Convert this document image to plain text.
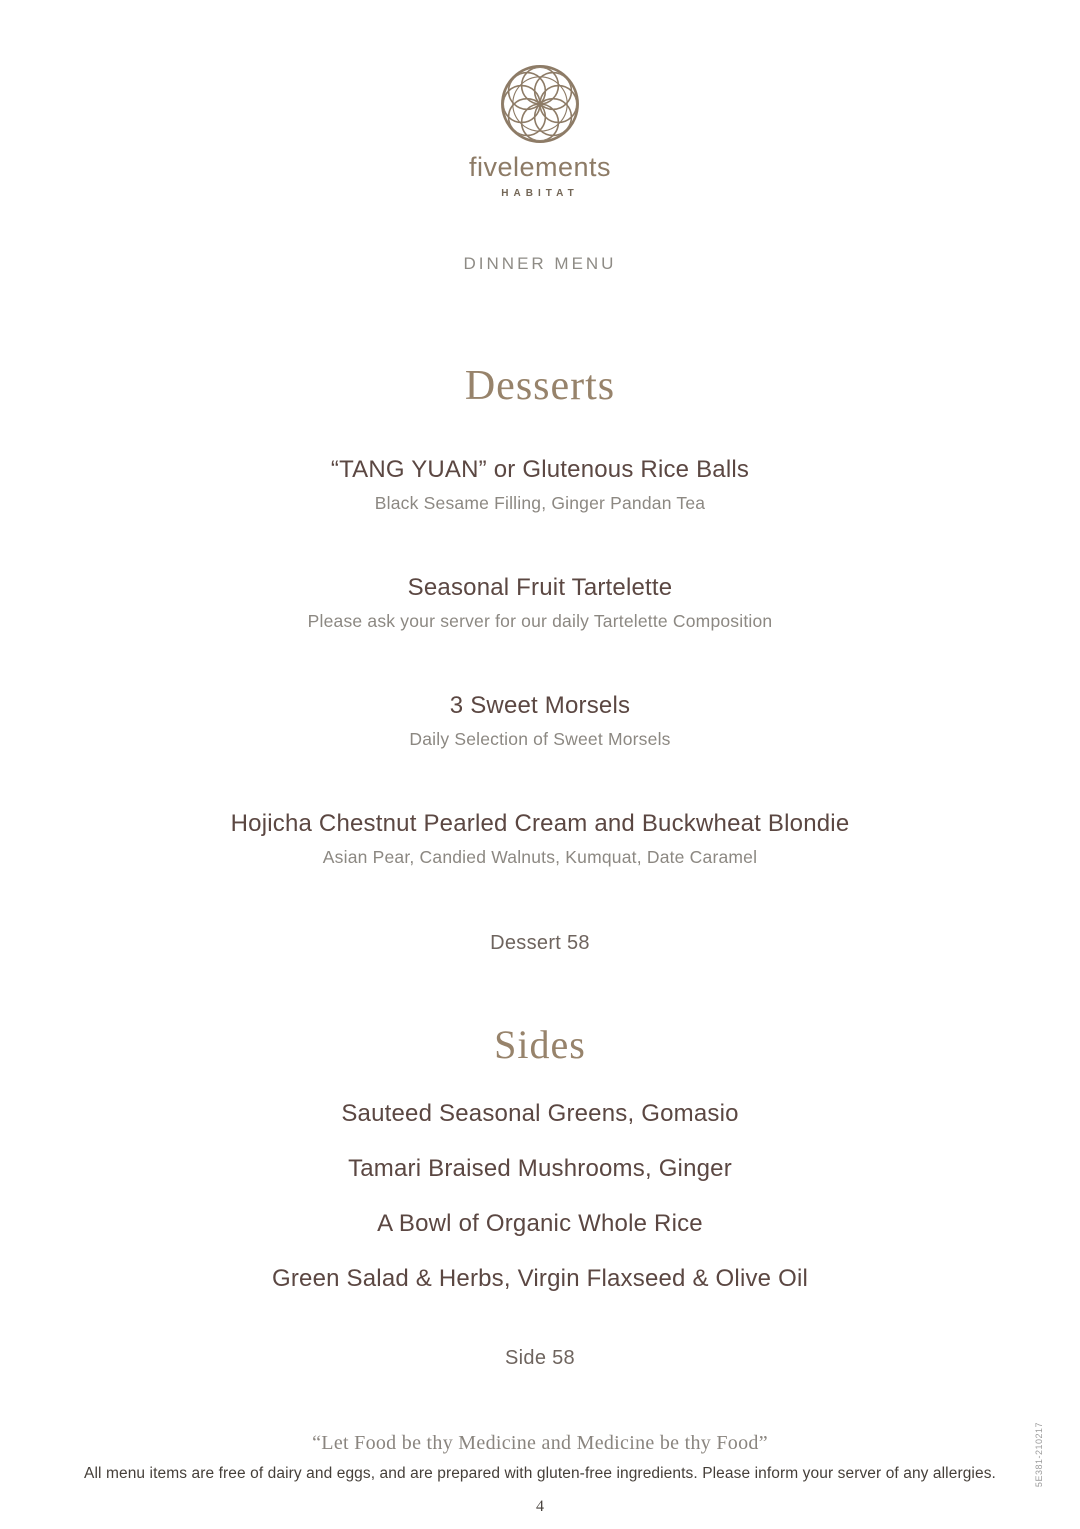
fivelements
HABITAT
DINNER MENU
Desserts
“TANG YUAN” or Glutenous Rice Balls
Black Sesame Filling, Ginger Pandan Tea
Seasonal Fruit Tartelette
Please ask your server for our daily Tartelette Composition
3 Sweet Morsels
Daily Selection of Sweet Morsels
Hojicha Chestnut Pearled Cream and Buckwheat Blondie
Asian Pear, Candied Walnuts, Kumquat, Date Caramel
Dessert 58
Sides
Sauteed Seasonal Greens, Gomasio
Tamari Braised Mushrooms, Ginger
A Bowl of Organic Whole Rice
Green Salad & Herbs, Virgin Flaxseed & Olive Oil
Side 58
“Let Food be thy Medicine and Medicine be thy Food”
All menu items are free of dairy and eggs, and are prepared with gluten-free ingredients. Please inform your server of any allergies.
4
5E381-210217
